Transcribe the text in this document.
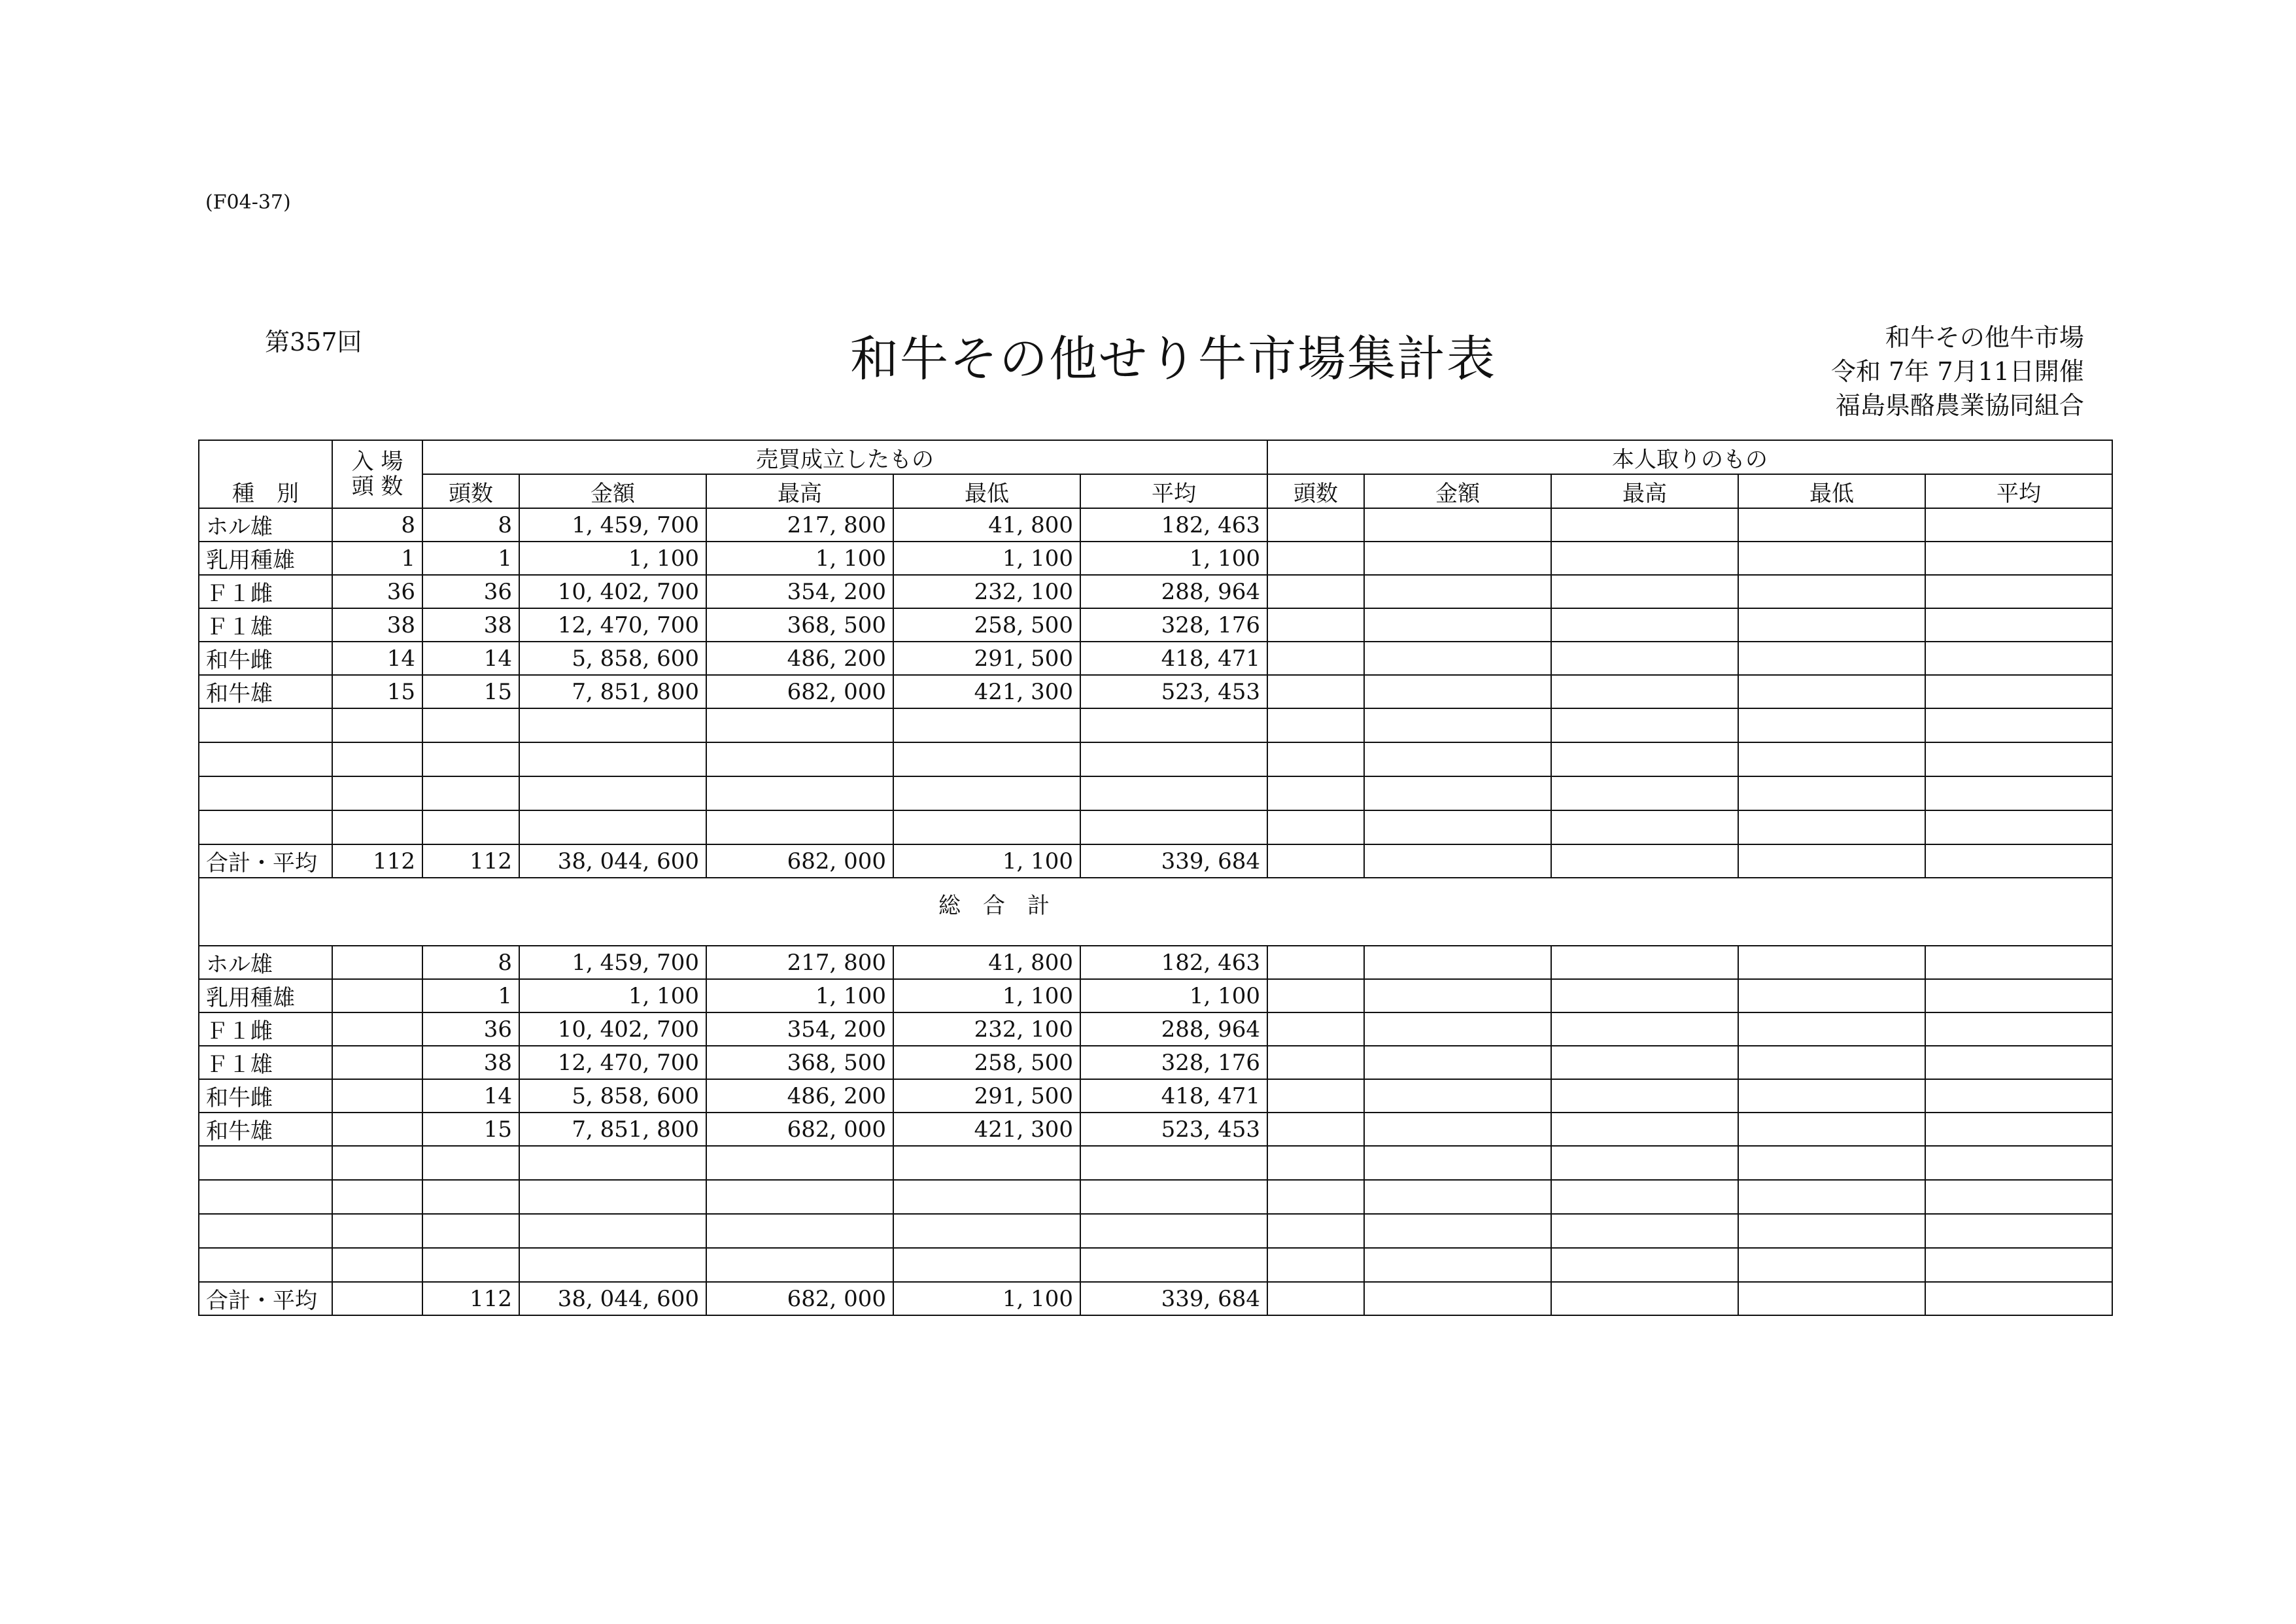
(F04-37)
第357回	和牛その他せり牛市場集計表	和牛その他牛市場
令和 7年 7月11日開催
福島県酪農業協同組合
種　別	入 場
頭 数	売買成立したもの					本人取りのもの				
		頭数	金額	最高	最低	平均	頭数	金額	最高	最低	平均
ホル雄	8	8	1, 459, 700	217, 800	41, 800	182, 463					
乳用種雄	1	1	1, 100	1, 100	1, 100	1, 100					
Ｆ１雌	36	36	10, 402, 700	354, 200	232, 100	288, 964					
Ｆ１雄	38	38	12, 470, 700	368, 500	258, 500	328, 176					
和牛雌	14	14	5, 858, 600	486, 200	291, 500	418, 471					
和牛雄	15	15	7, 851, 800	682, 000	421, 300	523, 453					

合計・平均	112	112	38, 044, 600	682, 000	1, 100	339, 684					
総　合　計											
ホル雄		8	1, 459, 700	217, 800	41, 800	182, 463					
乳用種雄		1	1, 100	1, 100	1, 100	1, 100					
Ｆ１雌		36	10, 402, 700	354, 200	232, 100	288, 964					
Ｆ１雄		38	12, 470, 700	368, 500	258, 500	328, 176					
和牛雌		14	5, 858, 600	486, 200	291, 500	418, 471					
和牛雄		15	7, 851, 800	682, 000	421, 300	523, 453					

合計・平均		112	38, 044, 600	682, 000	1, 100	339, 684					
